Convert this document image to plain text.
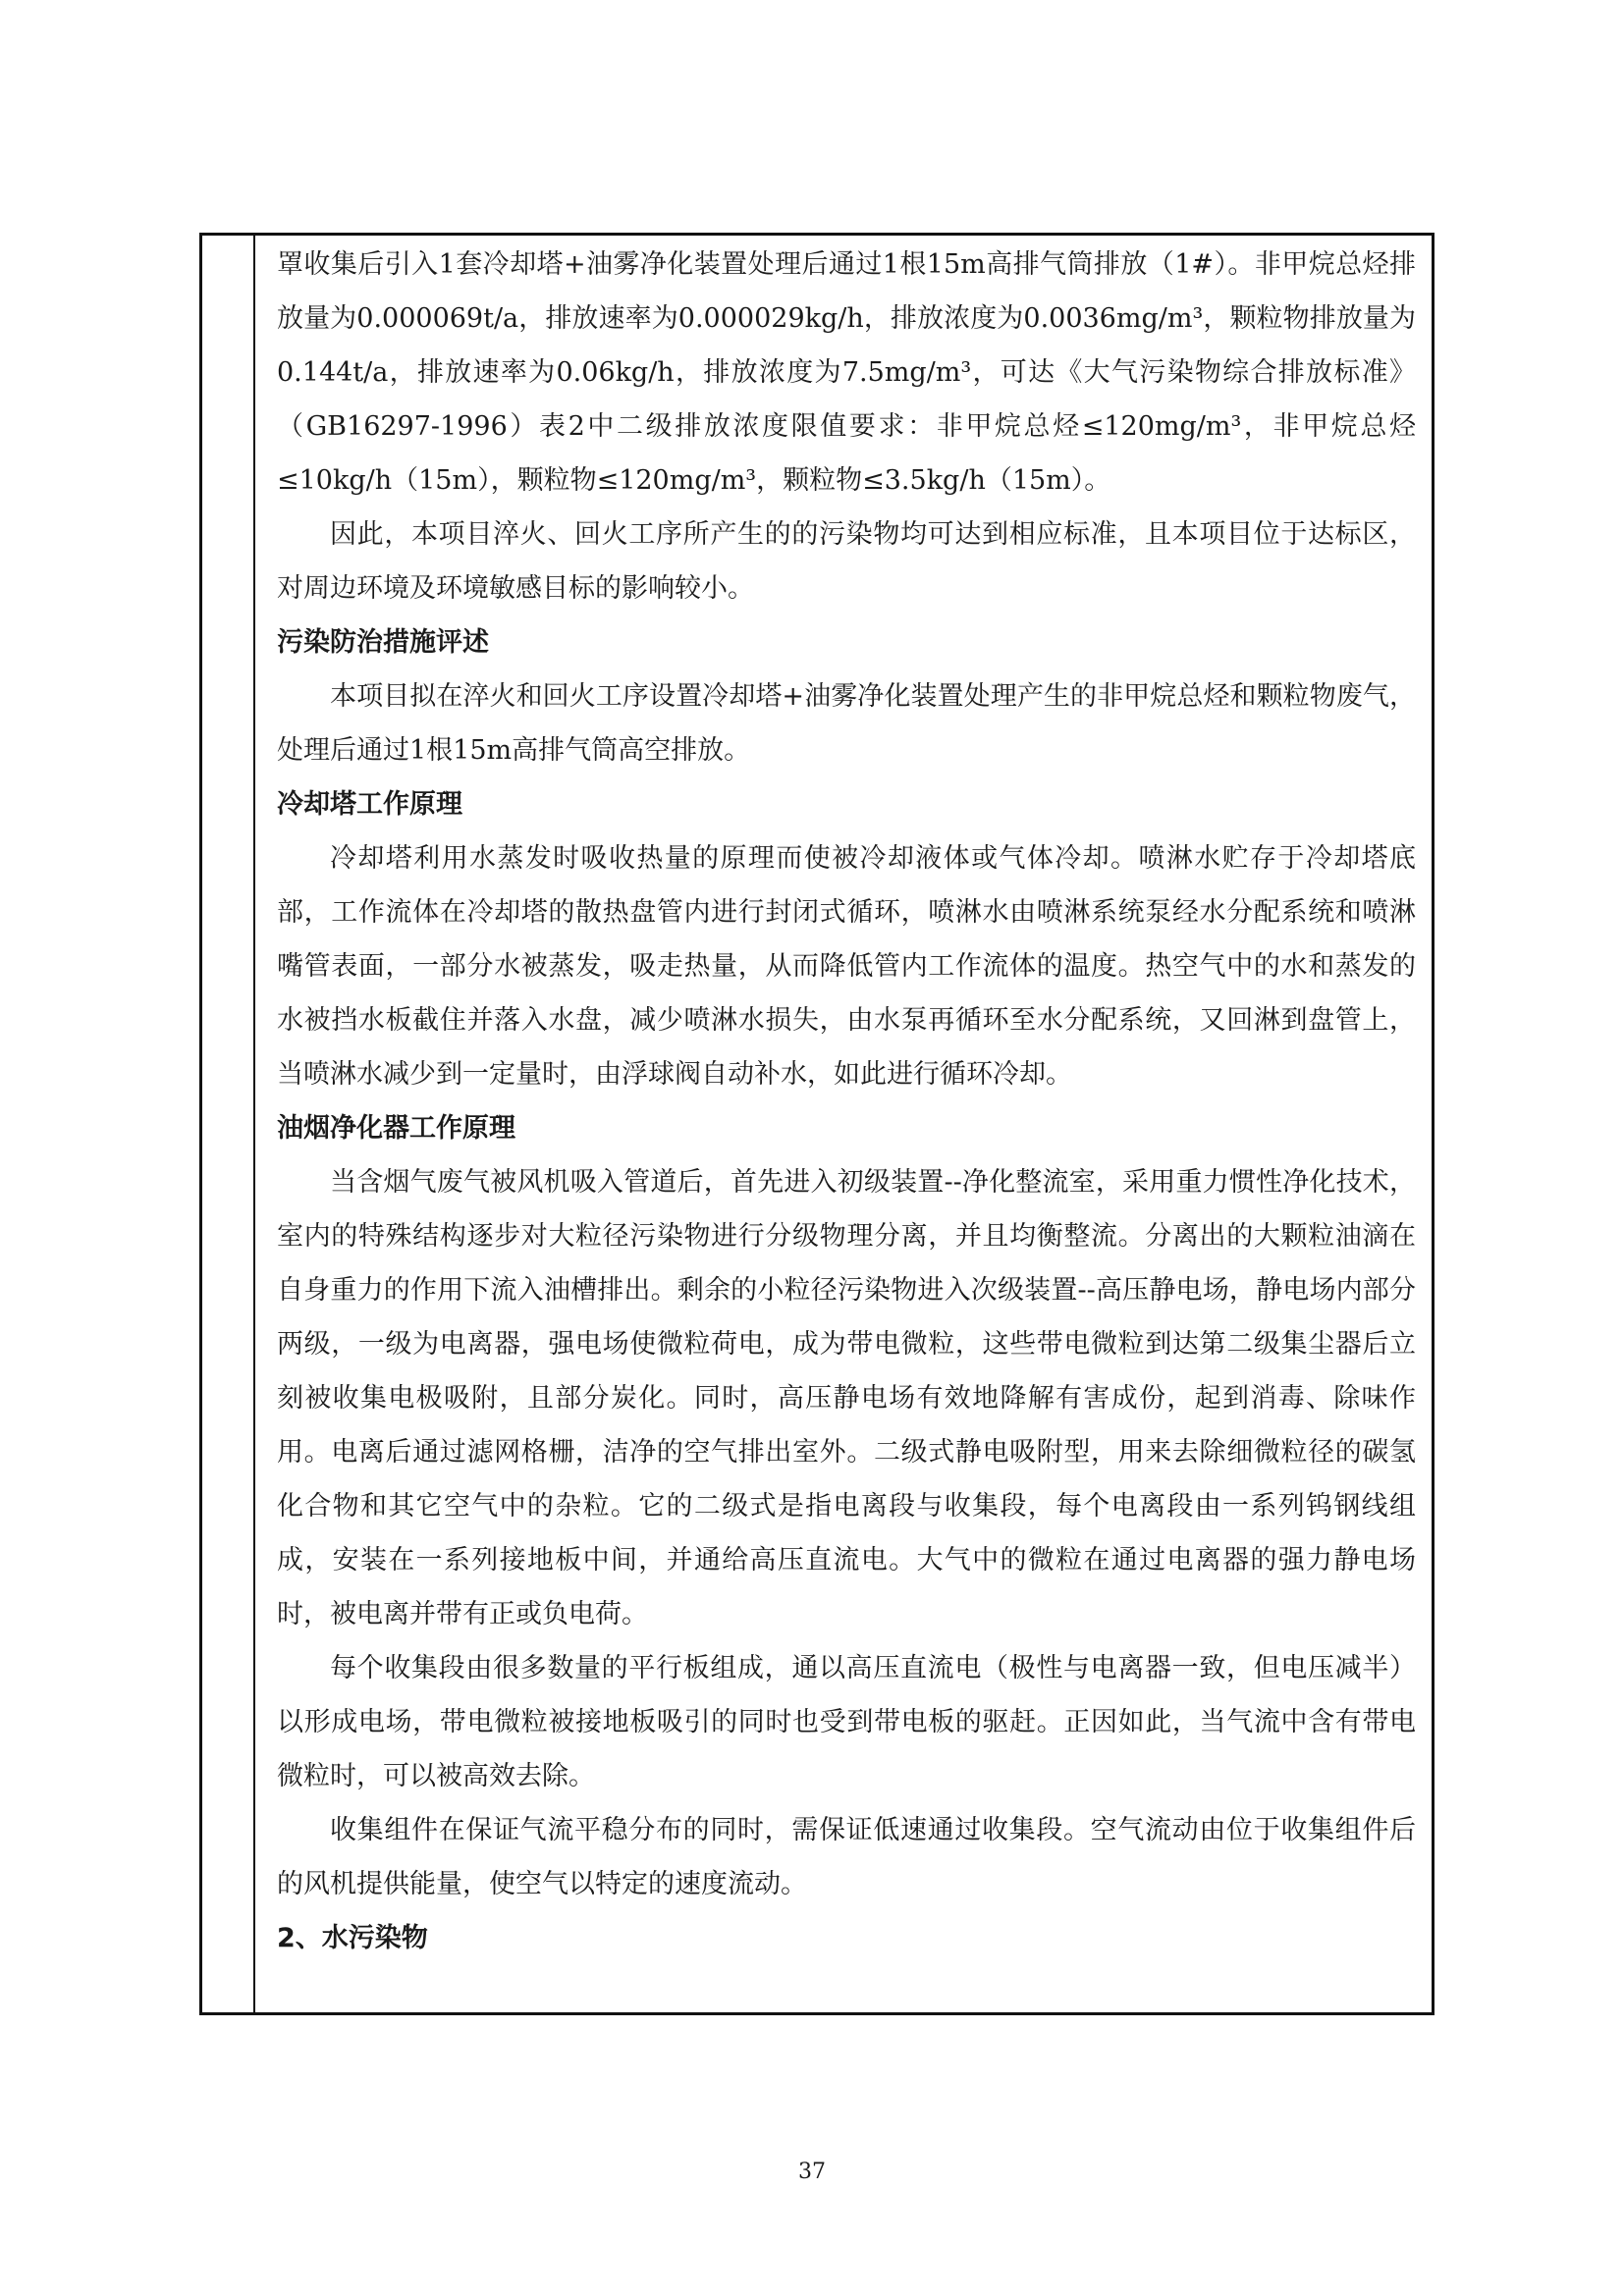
罩收集后引入1套冷却塔+油雾净化装置处理后通过1根15m高排气筒排放（1#）。非甲烷总烃排放量为0.000069t/a，排放速率为0.000029kg/h，排放浓度为0.0036mg/m³，颗粒物排放量为0.144t/a，排放速率为0.06kg/h，排放浓度为7.5mg/m³，可达《大气污染物综合排放标准》（GB16297-1996）表2中二级排放浓度限值要求：非甲烷总烃≤120mg/m³，非甲烷总烃≤10kg/h（15m），颗粒物≤120mg/m³，颗粒物≤3.5kg/h（15m）。

因此，本项目淬火、回火工序所产生的的污染物均可达到相应标准，且本项目位于达标区，对周边环境及环境敏感目标的影响较小。

污染防治措施评述

本项目拟在淬火和回火工序设置冷却塔+油雾净化装置处理产生的非甲烷总烃和颗粒物废气，处理后通过1根15m高排气筒高空排放。

冷却塔工作原理

冷却塔利用水蒸发时吸收热量的原理而使被冷却液体或气体冷却。喷淋水贮存于冷却塔底部，工作流体在冷却塔的散热盘管内进行封闭式循环，喷淋水由喷淋系统泵经水分配系统和喷淋嘴管表面，一部分水被蒸发，吸走热量，从而降低管内工作流体的温度。热空气中的水和蒸发的水被挡水板截住并落入水盘，减少喷淋水损失，由水泵再循环至水分配系统，又回淋到盘管上，当喷淋水减少到一定量时，由浮球阀自动补水，如此进行循环冷却。

油烟净化器工作原理

当含烟气废气被风机吸入管道后，首先进入初级装置--净化整流室，采用重力惯性净化技术，室内的特殊结构逐步对大粒径污染物进行分级物理分离，并且均衡整流。分离出的大颗粒油滴在自身重力的作用下流入油槽排出。剩余的小粒径污染物进入次级装置--高压静电场，静电场内部分两级，一级为电离器，强电场使微粒荷电，成为带电微粒，这些带电微粒到达第二级集尘器后立刻被收集电极吸附，且部分炭化。同时，高压静电场有效地降解有害成份，起到消毒、除味作用。电离后通过滤网格栅，洁净的空气排出室外。二级式静电吸附型，用来去除细微粒径的碳氢化合物和其它空气中的杂粒。它的二级式是指电离段与收集段，每个电离段由一系列钨钢线组成，安装在一系列接地板中间，并通给高压直流电。大气中的微粒在通过电离器的强力静电场时，被电离并带有正或负电荷。

每个收集段由很多数量的平行板组成，通以高压直流电（极性与电离器一致，但电压减半）以形成电场，带电微粒被接地板吸引的同时也受到带电板的驱赶。正因如此，当气流中含有带电微粒时，可以被高效去除。

收集组件在保证气流平稳分布的同时，需保证低速通过收集段。空气流动由位于收集组件后的风机提供能量，使空气以特定的速度流动。

2、水污染物

37
